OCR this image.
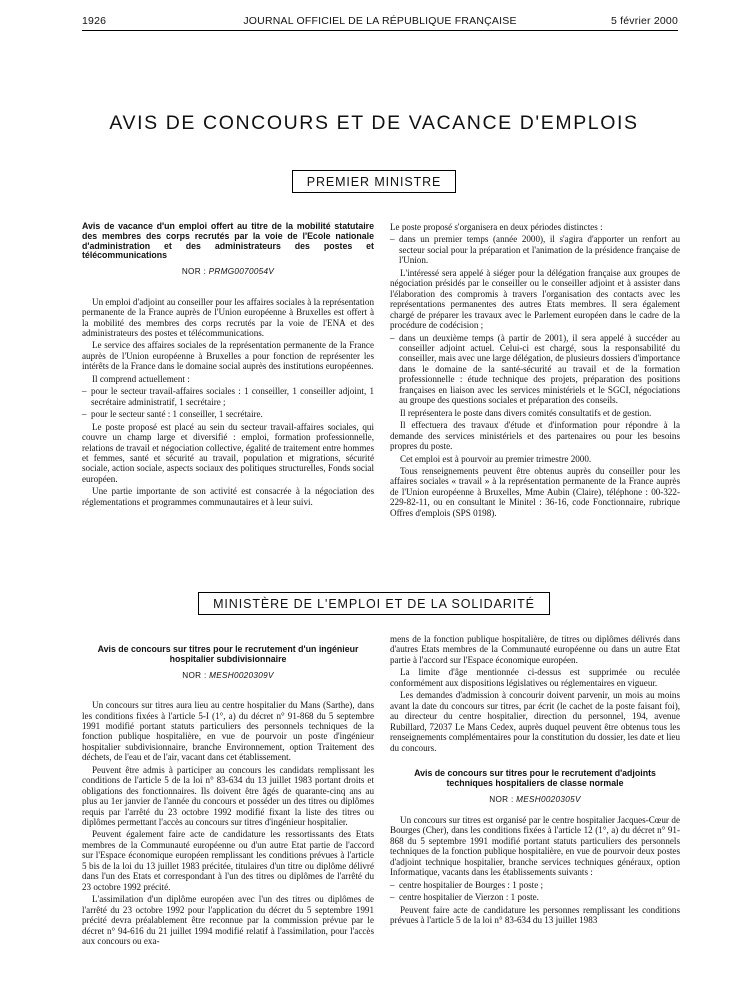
1926	JOURNAL OFFICIEL DE LA RÉPUBLIQUE FRANÇAISE	5 février 2000
AVIS DE CONCOURS ET DE VACANCE D'EMPLOIS
PREMIER MINISTRE
Avis de vacance d'un emploi offert au titre de la mobilité statutaire des membres des corps recrutés par la voie de l'Ecole nationale d'administration et des administrateurs des postes et télécommunications
NOR : PRMG0070054V

Un emploi d'adjoint au conseiller pour les affaires sociales à la représentation permanente de la France auprès de l'Union européenne à Bruxelles est offert à la mobilité des membres des corps recrutés par la voie de l'ENA et des administrateurs des postes et télécommunications.

Le service des affaires sociales de la représentation permanente de la France auprès de l'Union européenne à Bruxelles a pour fonction de représenter les intérêts de la France dans le domaine social auprès des institutions européennes.

Il comprend actuellement :

– pour le secteur travail-affaires sociales : 1 conseiller, 1 conseiller adjoint, 1 secrétaire administratif, 1 secrétaire ;

– pour le secteur santé : 1 conseiller, 1 secrétaire.

Le poste proposé est placé au sein du secteur travail-affaires sociales, qui couvre un champ large et diversifié : emploi, formation professionnelle, relations de travail et négociation collective, égalité de traitement entre hommes et femmes, santé et sécurité au travail, population et migrations, sécurité sociale, action sociale, aspects sociaux des politiques structurelles, Fonds social européen.

Une partie importante de son activité est consacrée à la négociation des réglementations et programmes communautaires et à leur suivi.

Le poste proposé s'organisera en deux périodes distinctes :

– dans un premier temps (année 2000), il s'agira d'apporter un renfort au secteur social pour la préparation et l'animation de la présidence française de l'Union.

L'intéressé sera appelé à siéger pour la délégation française aux groupes de négociation présidés par le conseiller ou le conseiller adjoint et à assister dans l'élaboration des compromis à travers l'organisation des contacts avec les représentations permanentes des autres Etats membres. Il sera également chargé de préparer les travaux avec le Parlement européen dans le cadre de la procédure de codécision ;

– dans un deuxième temps (à partir de 2001), il sera appelé à succéder au conseiller adjoint actuel. Celui-ci est chargé, sous la responsabilité du conseiller, mais avec une large délégation, de plusieurs dossiers d'importance dans le domaine de la santé-sécurité au travail et de la formation professionnelle : étude technique des projets, préparation des positions françaises en liaison avec les services ministériels et le SGCI, négociations au groupe des questions sociales et préparation des conseils.

Il représentera le poste dans divers comités consultatifs et de gestion.

Il effectuera des travaux d'étude et d'information pour répondre à la demande des services ministériels et des partenaires ou pour les besoins propres du poste.

Cet emploi est à pourvoir au premier trimestre 2000.

Tous renseignements peuvent être obtenus auprès du conseiller pour les affaires sociales « travail » à la représentation permanente de la France auprès de l'Union européenne à Bruxelles, Mme Aubin (Claire), téléphone : 00-322-229-82-11, ou en consultant le Minitel : 36-16, code Fonctionnaire, rubrique Offres d'emplois (SPS 0198).

MINISTÈRE DE L'EMPLOI ET DE LA SOLIDARITÉ
Avis de concours sur titres pour le recrutement d'un ingénieur hospitalier subdivisionnaire
NOR : MESH0020309V

Un concours sur titres aura lieu au centre hospitalier du Mans (Sarthe), dans les conditions fixées à l'article 5-I (1°, a) du décret n° 91-868 du 5 septembre 1991 modifié portant statuts particuliers des personnels techniques de la fonction publique hospitalière, en vue de pourvoir un poste d'ingénieur hospitalier subdivisionnaire, branche Environnement, option Traitement des déchets, de l'eau et de l'air, vacant dans cet établissement.

Peuvent être admis à participer au concours les candidats remplissant les conditions de l'article 5 de la loi n° 83-634 du 13 juillet 1983 portant droits et obligations des fonctionnaires. Ils doivent être âgés de quarante-cinq ans au plus au 1er janvier de l'année du concours et posséder un des titres ou diplômes requis par l'arrêté du 23 octobre 1992 modifié fixant la liste des titres ou diplômes permettant l'accès au concours sur titres d'ingénieur hospitalier.

Peuvent également faire acte de candidature les ressortissants des Etats membres de la Communauté européenne ou d'un autre Etat partie de l'accord sur l'Espace économique européen remplissant les conditions prévues à l'article 5 bis de la loi du 13 juillet 1983 précitée, titulaires d'un titre ou diplôme délivré dans l'un des Etats et correspondant à l'un des titres ou diplômes de l'arrêté du 23 octobre 1992 précité.

L'assimilation d'un diplôme européen avec l'un des titres ou diplômes de l'arrêté du 23 octobre 1992 pour l'application du décret du 5 septembre 1991 précité devra préalablement être reconnue par la commission prévue par le décret n° 94-616 du 21 juillet 1994 modifié relatif à l'assimilation, pour l'accès aux concours ou exa-

mens de la fonction publique hospitalière, de titres ou diplômes délivrés dans d'autres Etats membres de la Communauté européenne ou dans un autre Etat partie à l'accord sur l'Espace économique européen.

La limite d'âge mentionnée ci-dessus est supprimée ou reculée conformément aux dispositions législatives ou réglementaires en vigueur.

Les demandes d'admission à concourir doivent parvenir, un mois au moins avant la date du concours sur titres, par écrit (le cachet de la poste faisant foi), au directeur du centre hospitalier, direction du personnel, 194, avenue Rubillard, 72037 Le Mans Cedex, auprès duquel peuvent être obtenus tous les renseignements complémentaires pour la constitution du dossier, les date et lieu du concours.

Avis de concours sur titres pour le recrutement d'adjoints techniques hospitaliers de classe normale
NOR : MESH0020305V

Un concours sur titres est organisé par le centre hospitalier Jacques-Cœur de Bourges (Cher), dans les conditions fixées à l'article 12 (1°, a) du décret n° 91-868 du 5 septembre 1991 modifié portant statuts particuliers des personnels techniques de la fonction publique hospitalière, en vue de pourvoir deux postes d'adjoint technique hospitalier, branche services techniques généraux, option Informatique, vacants dans les établissements suivants :

– centre hospitalier de Bourges : 1 poste ;

– centre hospitalier de Vierzon : 1 poste.

Peuvent faire acte de candidature les personnes remplissant les conditions prévues à l'article 5 de la loi n° 83-634 du 13 juillet 1983
